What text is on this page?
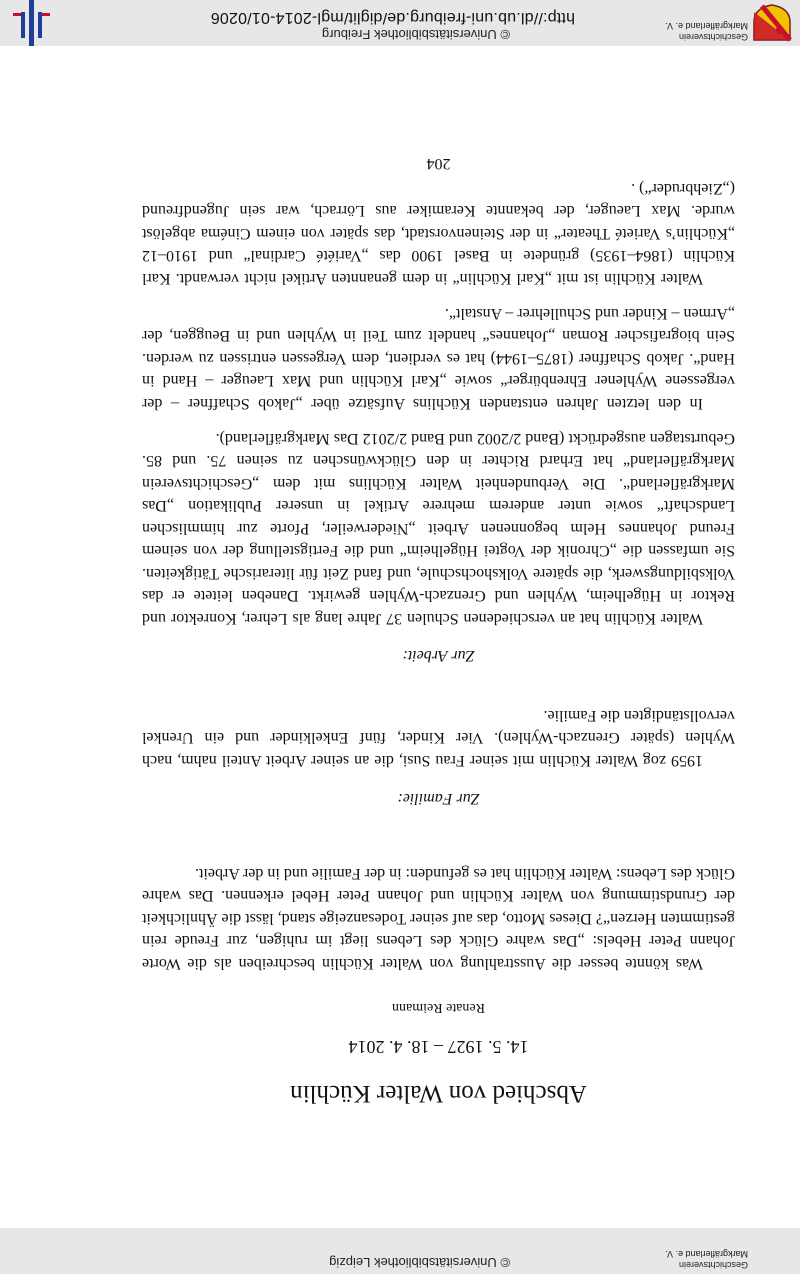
Geschichtsverein
Markgräflerland e. V.
© Universitätsbibliothek Leipzig
Geschichtsverein
Markgräflerland e. V.
© Universitätsbibliothek Freiburg
http://dl.ub.uni-freiburg.de/diglit/mgl-2014-01/0206
Abschied von Walter Küchlin
14. 5. 1927 – 18. 4. 2014
Renate Reimann

Was könnte besser die Ausstrahlung von Walter Küchlin beschreiben als die Worte Johann Peter Hebels: „Das wahre Glück des Lebens liegt im ruhigen, zur Freude rein gestimmten Herzen“? Dieses Motto, das auf seiner Todesanzeige stand, lässt die Ähnlichkeit der Grundstimmung von Walter Küchlin und Johann Peter Hebel erkennen. Das wahre Glück des Lebens: Walter Küchlin hat es gefunden: in der Familie und in der Arbeit.

Zur Familie:

1959 zog Walter Küchlin mit seiner Frau Susi, die an seiner Arbeit Anteil nahm, nach Wyhlen (später Grenzach-Wyhlen). Vier Kinder, fünf Enkelkinder und ein Urenkel vervollständigten die Familie.

Zur Arbeit:

Walter Küchlin hat an verschiedenen Schulen 37 Jahre lang als Lehrer, Konrektor und Rektor in Hügelheim, Wyhlen und Grenzach-Wyhlen gewirkt. Daneben leitete er das Volksbildungswerk, die spätere Volkshochschule, und fand Zeit für literarische Tätigkeiten. Sie umfassen die „Chronik der Vogtei Hügelheim“ und die Fertigstellung der von seinem Freund Johannes Helm begonnenen Arbeit „Niederweiler, Pforte zur himmlischen Landschaft“ sowie unter anderem mehrere Artikel in unserer Publikation „Das Markgräflerland“. Die Verbundenheit Walter Küchlins mit dem „Geschichtsverein Markgräflerland“ hat Erhard Richter in den Glückwünschen zu seinen 75. und 85. Geburtstagen ausgedrückt (Band 2/2002 und Band 2/2012 Das Markgräflerland).

In den letzten Jahren entstanden Küchlins Aufsätze über „Jakob Schaffner – der vergessene Wyhlener Ehrenbürger“ sowie „Karl Küchlin und Max Laeuger – Hand in Hand“. Jakob Schaffner (1875–1944) hat es verdient, dem Vergessen entrissen zu werden. Sein biografischer Roman „Johannes“ handelt zum Teil in Wyhlen und in Beuggen, der „Armen – Kinder und Schullehrer – Anstalt“.

Walter Küchlin ist mit „Karl Küchlin“ in dem genannten Artikel nicht verwandt. Karl Küchlin (1864–1935) gründete in Basel 1900 das „Variété Cardinal“ und 1910–12 „Küchlin’s Varieté Theater“ in der Steinenvorstadt, das später von einem Cinéma abgelöst wurde. Max Laeuger, der bekannte Keramiker aus Lörrach, war sein Jugendfreund („Ziehbruder“) .

204
